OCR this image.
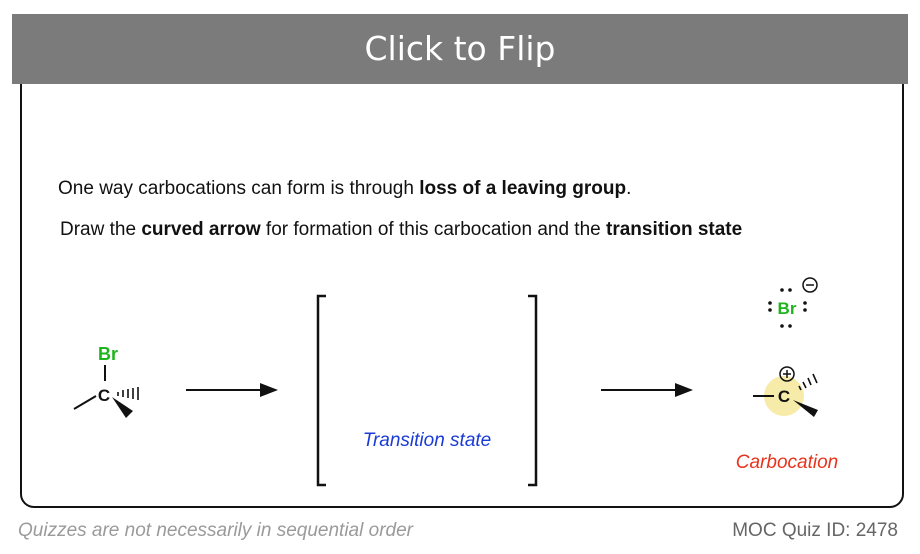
Click to Flip
One way carbocations can form is through loss of a leaving group.
Draw the curved arrow for formation of this carbocation and the transition state
Br
C
Transition state
Br
C
Carbocation
Quizzes are not necessarily in sequential order	MOC Quiz ID: 2478
